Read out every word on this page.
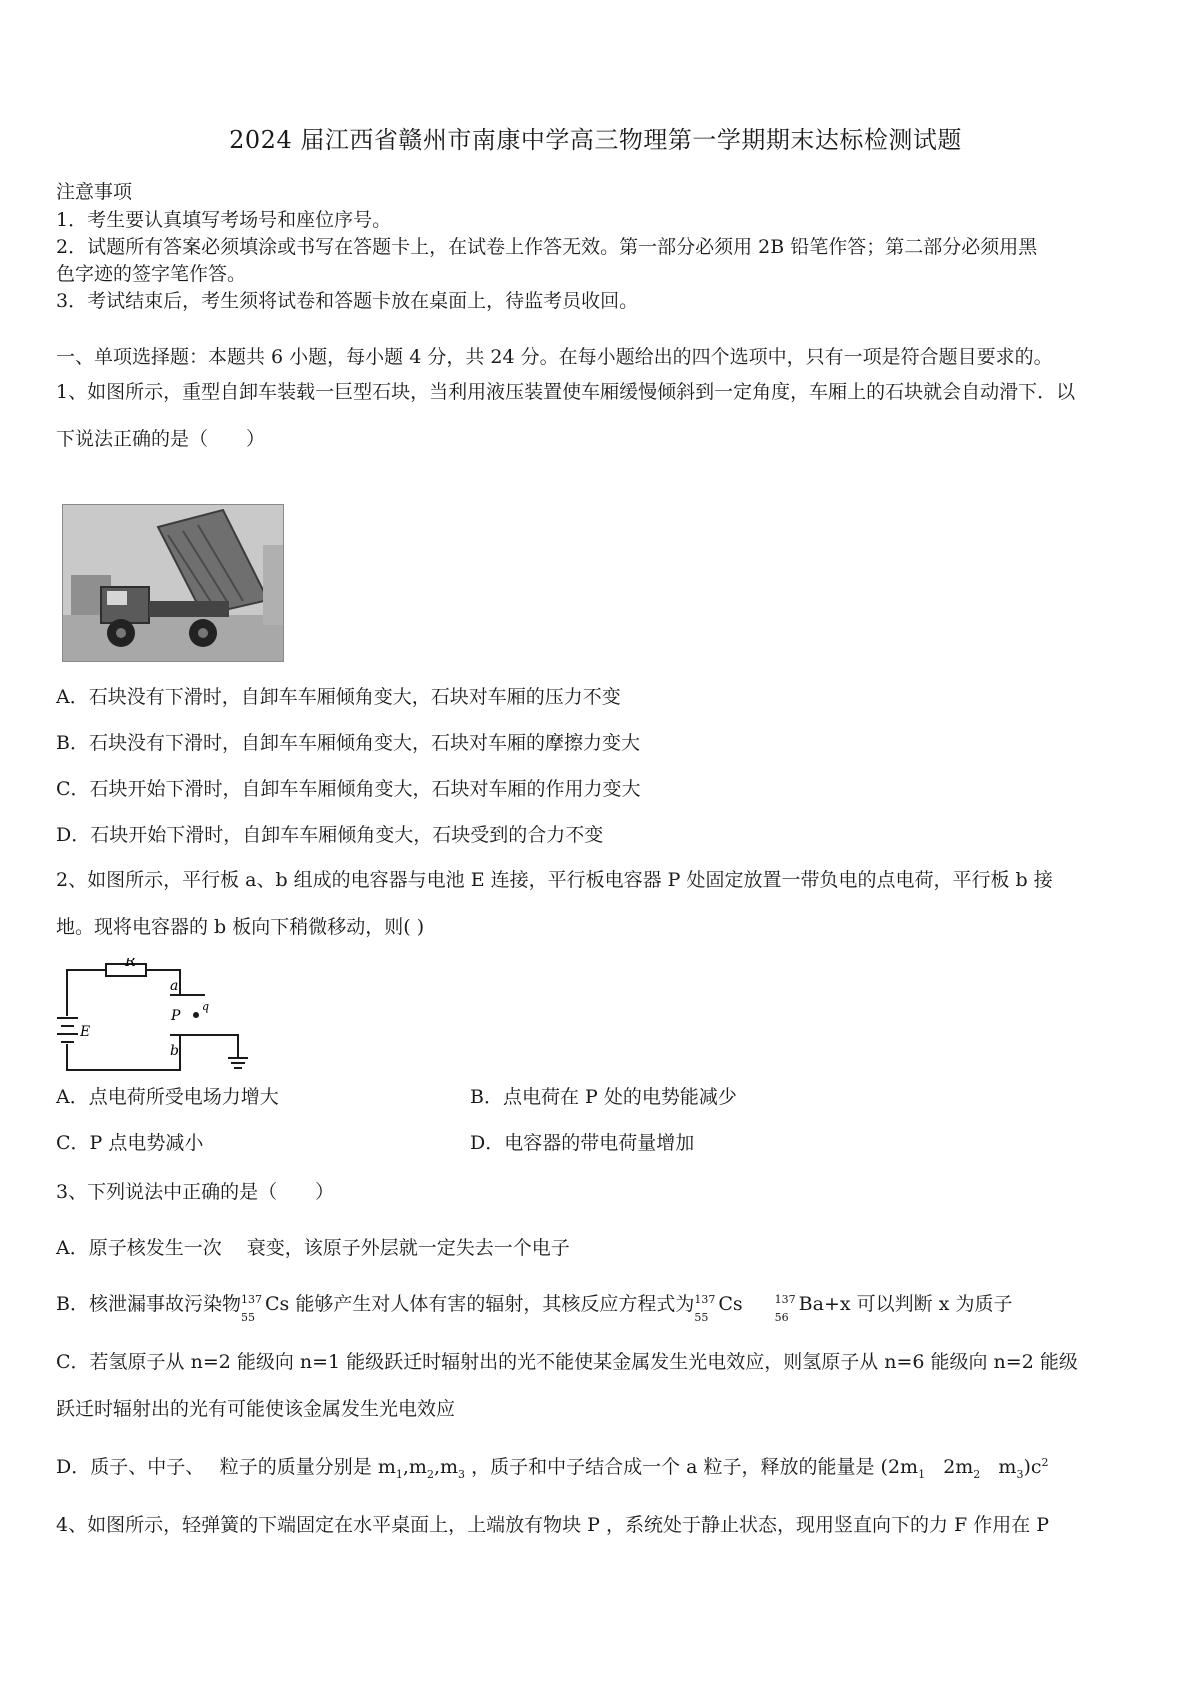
2024 届江西省赣州市南康中学高三物理第一学期期末达标检测试题
注意事项
1．考生要认真填写考场号和座位序号。
2．试题所有答案必须填涂或书写在答题卡上，在试卷上作答无效。第一部分必须用 2B 铅笔作答；第二部分必须用黑
色字迹的签字笔作答。
3．考试结束后，考生须将试卷和答题卡放在桌面上，待监考员收回。
一、单项选择题：本题共 6 小题，每小题 4 分，共 24 分。在每小题给出的四个选项中，只有一项是符合题目要求的。
1、如图所示，重型自卸车装载一巨型石块，当利用液压装置使车厢缓慢倾斜到一定角度，车厢上的石块就会自动滑下．以
下说法正确的是（　　）
A．石块没有下滑时，自卸车车厢倾角变大，石块对车厢的压力不变
B．石块没有下滑时，自卸车车厢倾角变大，石块对车厢的摩擦力变大
C．石块开始下滑时，自卸车车厢倾角变大，石块对车厢的作用力变大
D．石块开始下滑时，自卸车车厢倾角变大，石块受到的合力不变
2、如图所示，平行板 a、b 组成的电容器与电池 E 连接，平行板电容器 P 处固定放置一带负电的点电荷，平行板 b 接
地。现将电容器的 b 板向下稍微移动，则( )
R
a
P
q
E
b
A．点电荷所受电场力增大	B．点电荷在 P 处的电势能减少
C．P 点电势减小	D．电容器的带电荷量增加
3、下列说法中正确的是（　　）
A．原子核发生一次　 衰变，该原子外层就一定失去一个电子
B．核泄漏事故污染物 137
55
Cs 能够产生对人体有害的辐射，其核反应方程式为 137
55
Cs	137
56
Ba+x 可以判断 x 为质子
C．若氢原子从 n=2 能级向 n=1 能级跃迁时辐射出的光不能使某金属发生光电效应，则氢原子从 n=6 能级向 n=2 能级
跃迁时辐射出的光有可能使该金属发生光电效应
D．质子、中子、　 粒子的质量分别是 $m_1,m_2,m_3$ ，质子和中子结合成一个 a 粒子，释放的能量是 ($2m_1$ $2m_2$ $m_3)c^2$
4、如图所示，轻弹簧的下端固定在水平桌面上，上端放有物块 P ，系统处于静止状态，现用竖直向下的力 F 作用在 P
